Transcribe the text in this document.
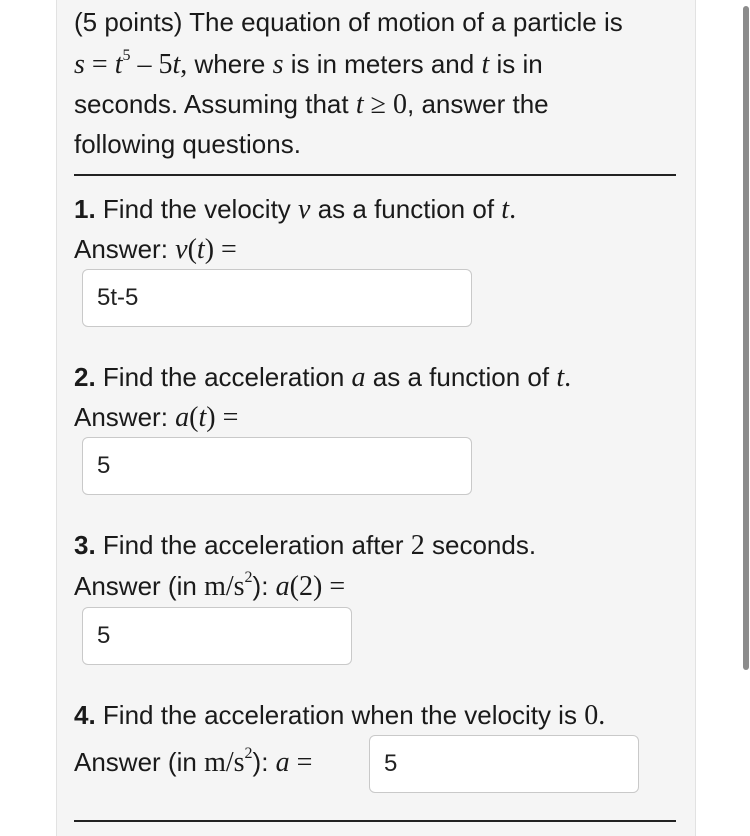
(5 points) The equation of motion of a particle is
$s = t^5 - 5t$, where s is in meters and t is in
seconds. Assuming that t ≥ 0, answer the
following questions.
1. Find the velocity v as a function of t.
Answer: v(t) =
5t-5
2. Find the acceleration a as a function of t.
Answer: a(t) =
5
3. Find the acceleration after 2 seconds.
Answer (in $m/s^2$): a(2) =
5
4. Find the acceleration when the velocity is 0.
Answer (in $m/s^2$): a =	5
